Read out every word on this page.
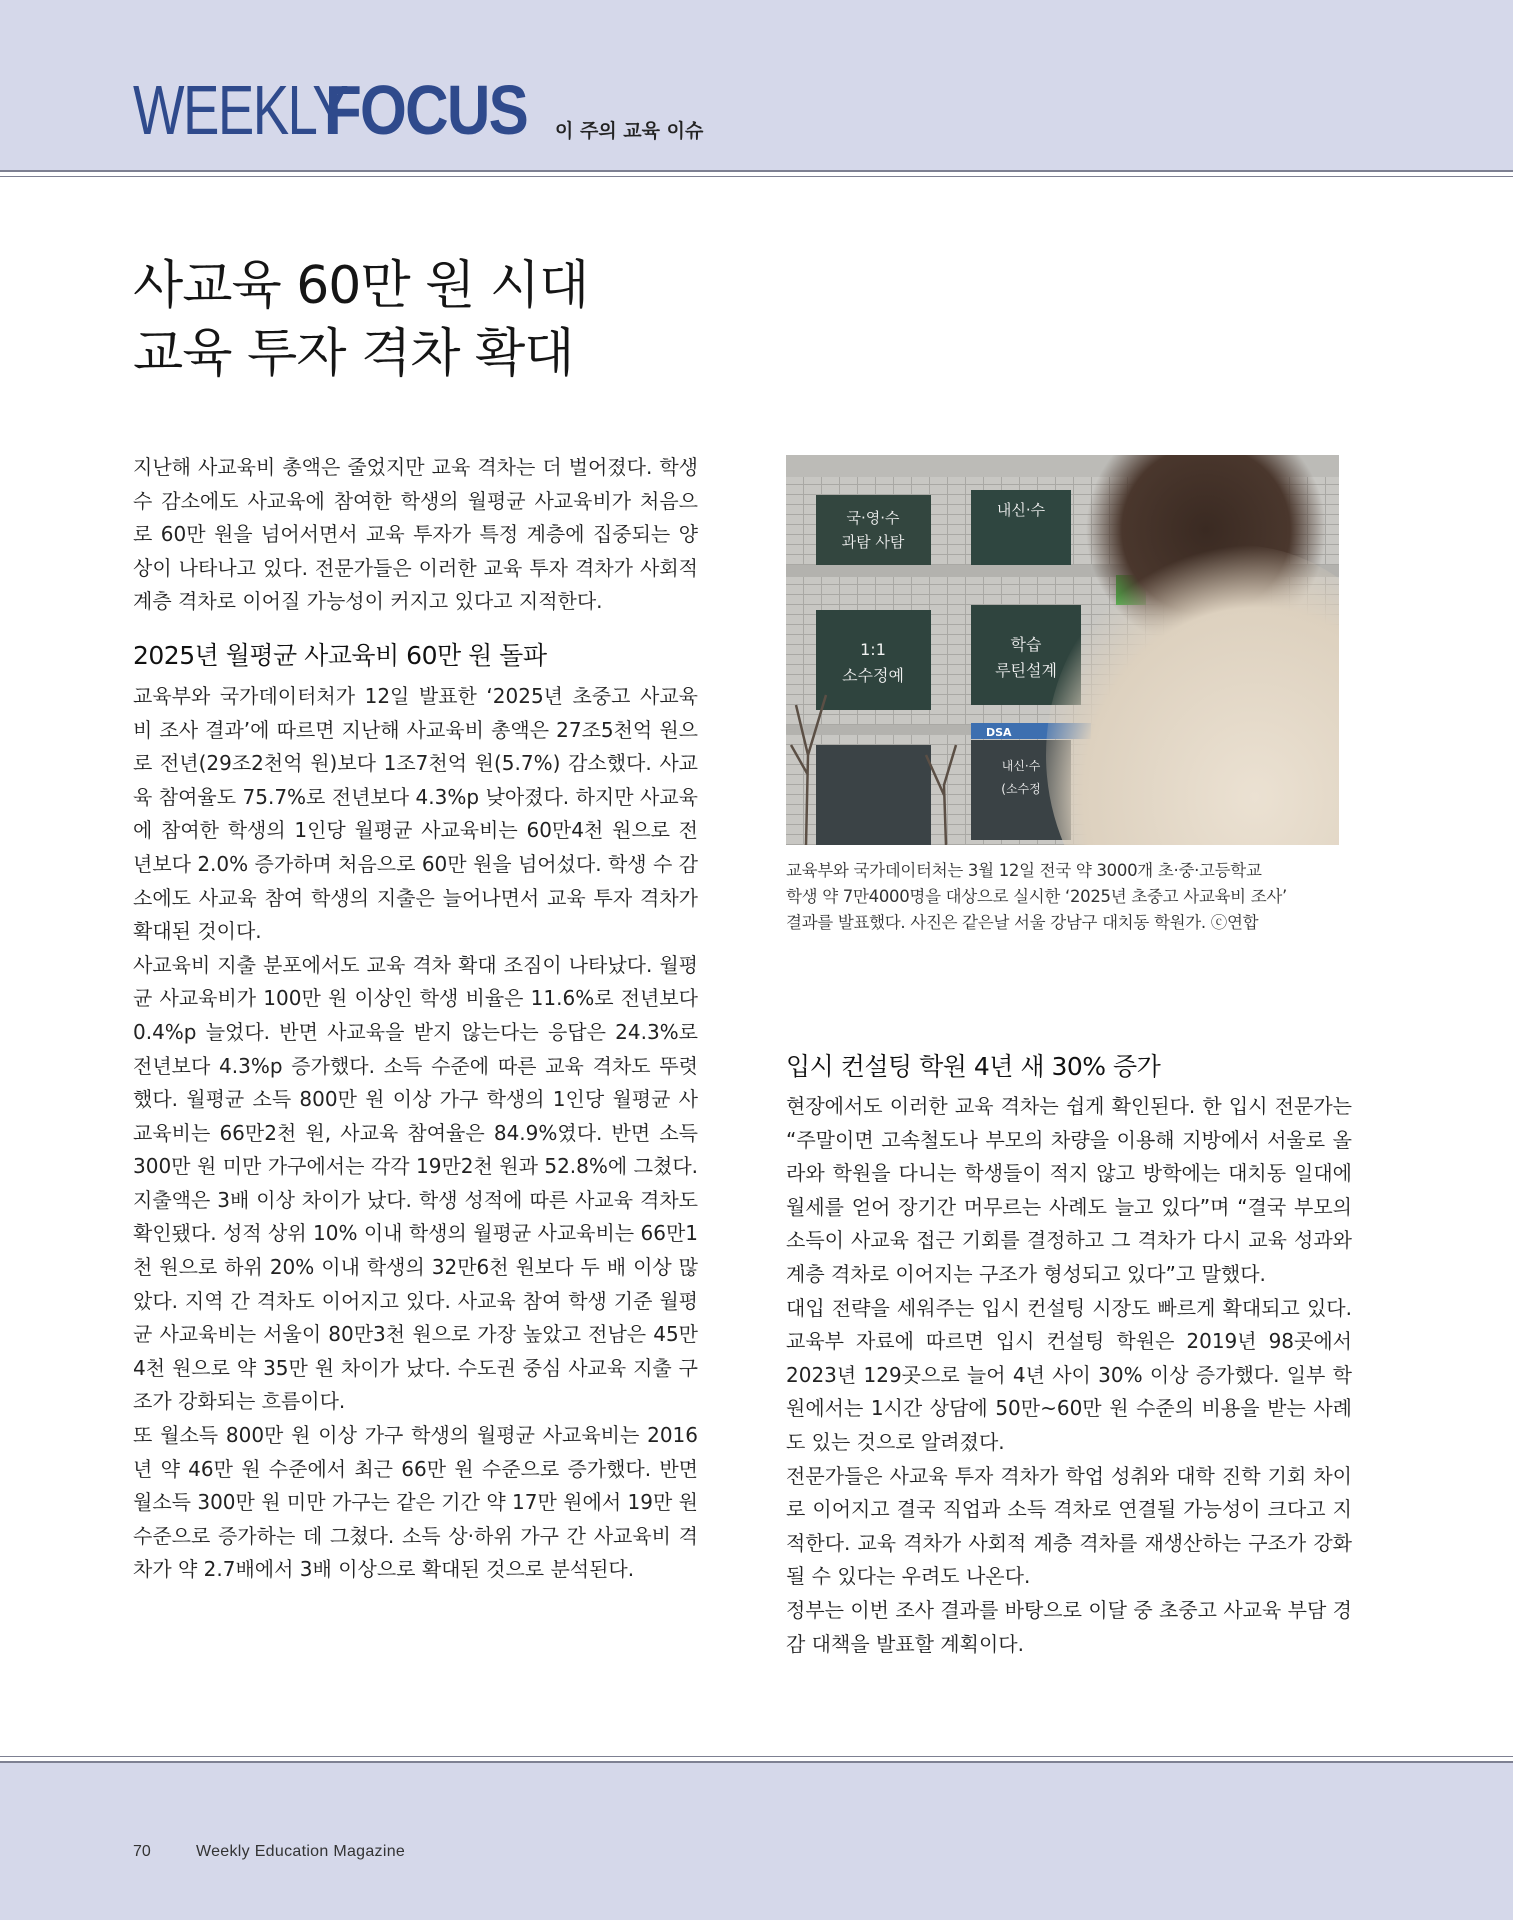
WEEKLY
FOCUS 이 주의 교육 이슈
사교육 60만 원 시대
교육 투자 격차 확대

지난해 사교육비 총액은 줄었지만 교육 격차는 더 벌어졌다. 학생 수 감소에도 사교육에 참여한 학생의 월평균 사교육비가 처음으로 60만 원을 넘어서면서 교육 투자가 특정 계층에 집중되는 양상이 나타나고 있다. 전문가들은 이러한 교육 투자 격차가 사회적 계층 격차로 이어질 가능성이 커지고 있다고 지적한다.

2025년 월평균 사교육비 60만 원 돌파

교육부와 국가데이터처가 12일 발표한 ‘2025년 초중고 사교육비 조사 결과’에 따르면 지난해 사교육비 총액은 27조5천억 원으로 전년(29조2천억 원)보다 1조7천억 원(5.7%) 감소했다. 사교육 참여율도 75.7%로 전년보다 4.3%p 낮아졌다. 하지만 사교육에 참여한 학생의 1인당 월평균 사교육비는 60만4천 원으로 전년보다 2.0% 증가하며 처음으로 60만 원을 넘어섰다. 학생 수 감소에도 사교육 참여 학생의 지출은 늘어나면서 교육 투자 격차가 확대된 것이다.

사교육비 지출 분포에서도 교육 격차 확대 조짐이 나타났다. 월평균 사교육비가 100만 원 이상인 학생 비율은 11.6%로 전년보다 0.4%p 늘었다. 반면 사교육을 받지 않는다는 응답은 24.3%로 전년보다 4.3%p 증가했다. 소득 수준에 따른 교육 격차도 뚜렷했다. 월평균 소득 800만 원 이상 가구 학생의 1인당 월평균 사교육비는 66만2천 원, 사교육 참여율은 84.9%였다. 반면 소득 300만 원 미만 가구에서는 각각 19만2천 원과 52.8%에 그쳤다. 지출액은 3배 이상 차이가 났다. 학생 성적에 따른 사교육 격차도 확인됐다. 성적 상위 10% 이내 학생의 월평균 사교육비는 66만1천 원으로 하위 20% 이내 학생의 32만6천 원보다 두 배 이상 많았다. 지역 간 격차도 이어지고 있다. 사교육 참여 학생 기준 월평균 사교육비는 서울이 80만3천 원으로 가장 높았고 전남은 45만4천 원으로 약 35만 원 차이가 났다. 수도권 중심 사교육 지출 구조가 강화되는 흐름이다.

또 월소득 800만 원 이상 가구 학생의 월평균 사교육비는 2016년 약 46만 원 수준에서 최근 66만 원 수준으로 증가했다. 반면 월소득 300만 원 미만 가구는 같은 기간 약 17만 원에서 19만 원 수준으로 증가하는 데 그쳤다. 소득 상·하위 가구 간 사교육비 격차가 약 2.7배에서 3배 이상으로 확대된 것으로 분석된다.

국·영·수
과탐 사탐
내신·수
1:1
소수정예
학습
루틴설계
내신·수
(소수정
DSA
교육부와 국가데이터처는 3월 12일 전국 약 3000개 초·중·고등학교
학생 약 7만4000명을 대상으로 실시한 ‘2025년 초중고 사교육비 조사’
결과를 발표했다. 사진은 같은날 서울 강남구 대치동 학원가. ⓒ연합
입시 컨설팅 학원 4년 새 30% 증가

현장에서도 이러한 교육 격차는 쉽게 확인된다. 한 입시 전문가는 “주말이면 고속철도나 부모의 차량을 이용해 지방에서 서울로 올라와 학원을 다니는 학생들이 적지 않고 방학에는 대치동 일대에 월세를 얻어 장기간 머무르는 사례도 늘고 있다”며 “결국 부모의 소득이 사교육 접근 기회를 결정하고 그 격차가 다시 교육 성과와 계층 격차로 이어지는 구조가 형성되고 있다”고 말했다.

대입 전략을 세워주는 입시 컨설팅 시장도 빠르게 확대되고 있다. 교육부 자료에 따르면 입시 컨설팅 학원은 2019년 98곳에서 2023년 129곳으로 늘어 4년 사이 30% 이상 증가했다. 일부 학원에서는 1시간 상담에 50만~60만 원 수준의 비용을 받는 사례도 있는 것으로 알려졌다.

전문가들은 사교육 투자 격차가 학업 성취와 대학 진학 기회 차이로 이어지고 결국 직업과 소득 격차로 연결될 가능성이 크다고 지적한다. 교육 격차가 사회적 계층 격차를 재생산하는 구조가 강화될 수 있다는 우려도 나온다.

정부는 이번 조사 결과를 바탕으로 이달 중 초중고 사교육 부담 경감 대책을 발표할 계획이다.

70	Weekly Education Magazine
